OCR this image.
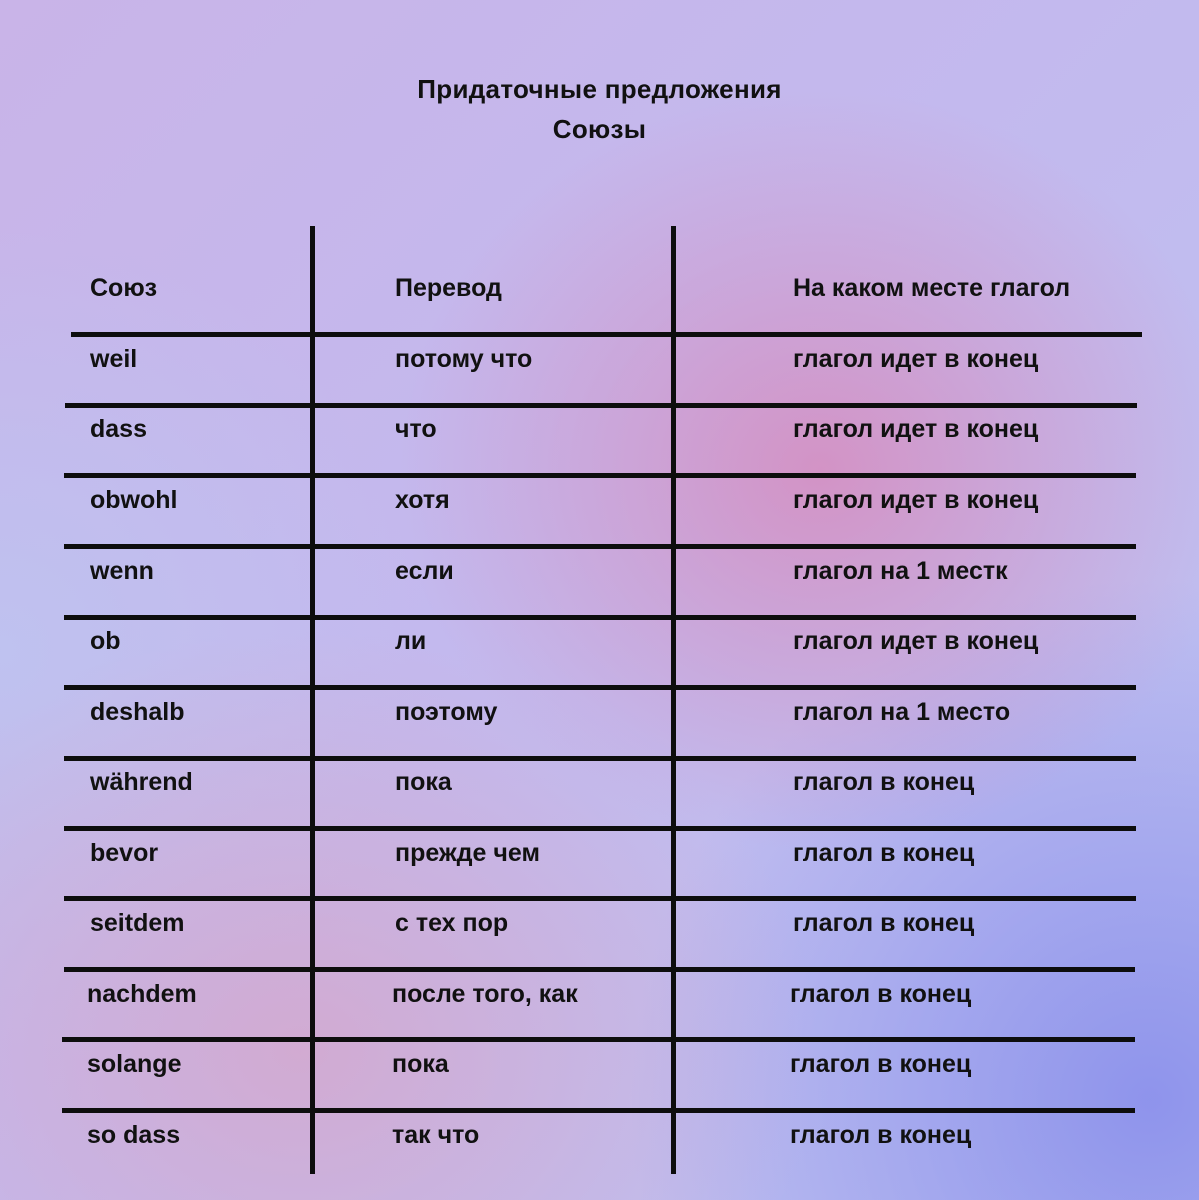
Придаточные предложения
Союзы
Союз	Перевод	На каком месте глагол
weil	потому что	глагол идет в конец
dass	что	глагол идет в конец
obwohl	хотя	глагол идет в конец
wenn	если	глагол на 1 местк
ob	ли	глагол идет в конец
deshalb	поэтому	глагол на 1 место
während	пока	глагол в конец
bevor	прежде чем	глагол в конец
seitdem	с тех пор	глагол в конец
nachdem	после того, как	глагол в конец
solange	пока	глагол в конец
so dass	так что	глагол в конец
